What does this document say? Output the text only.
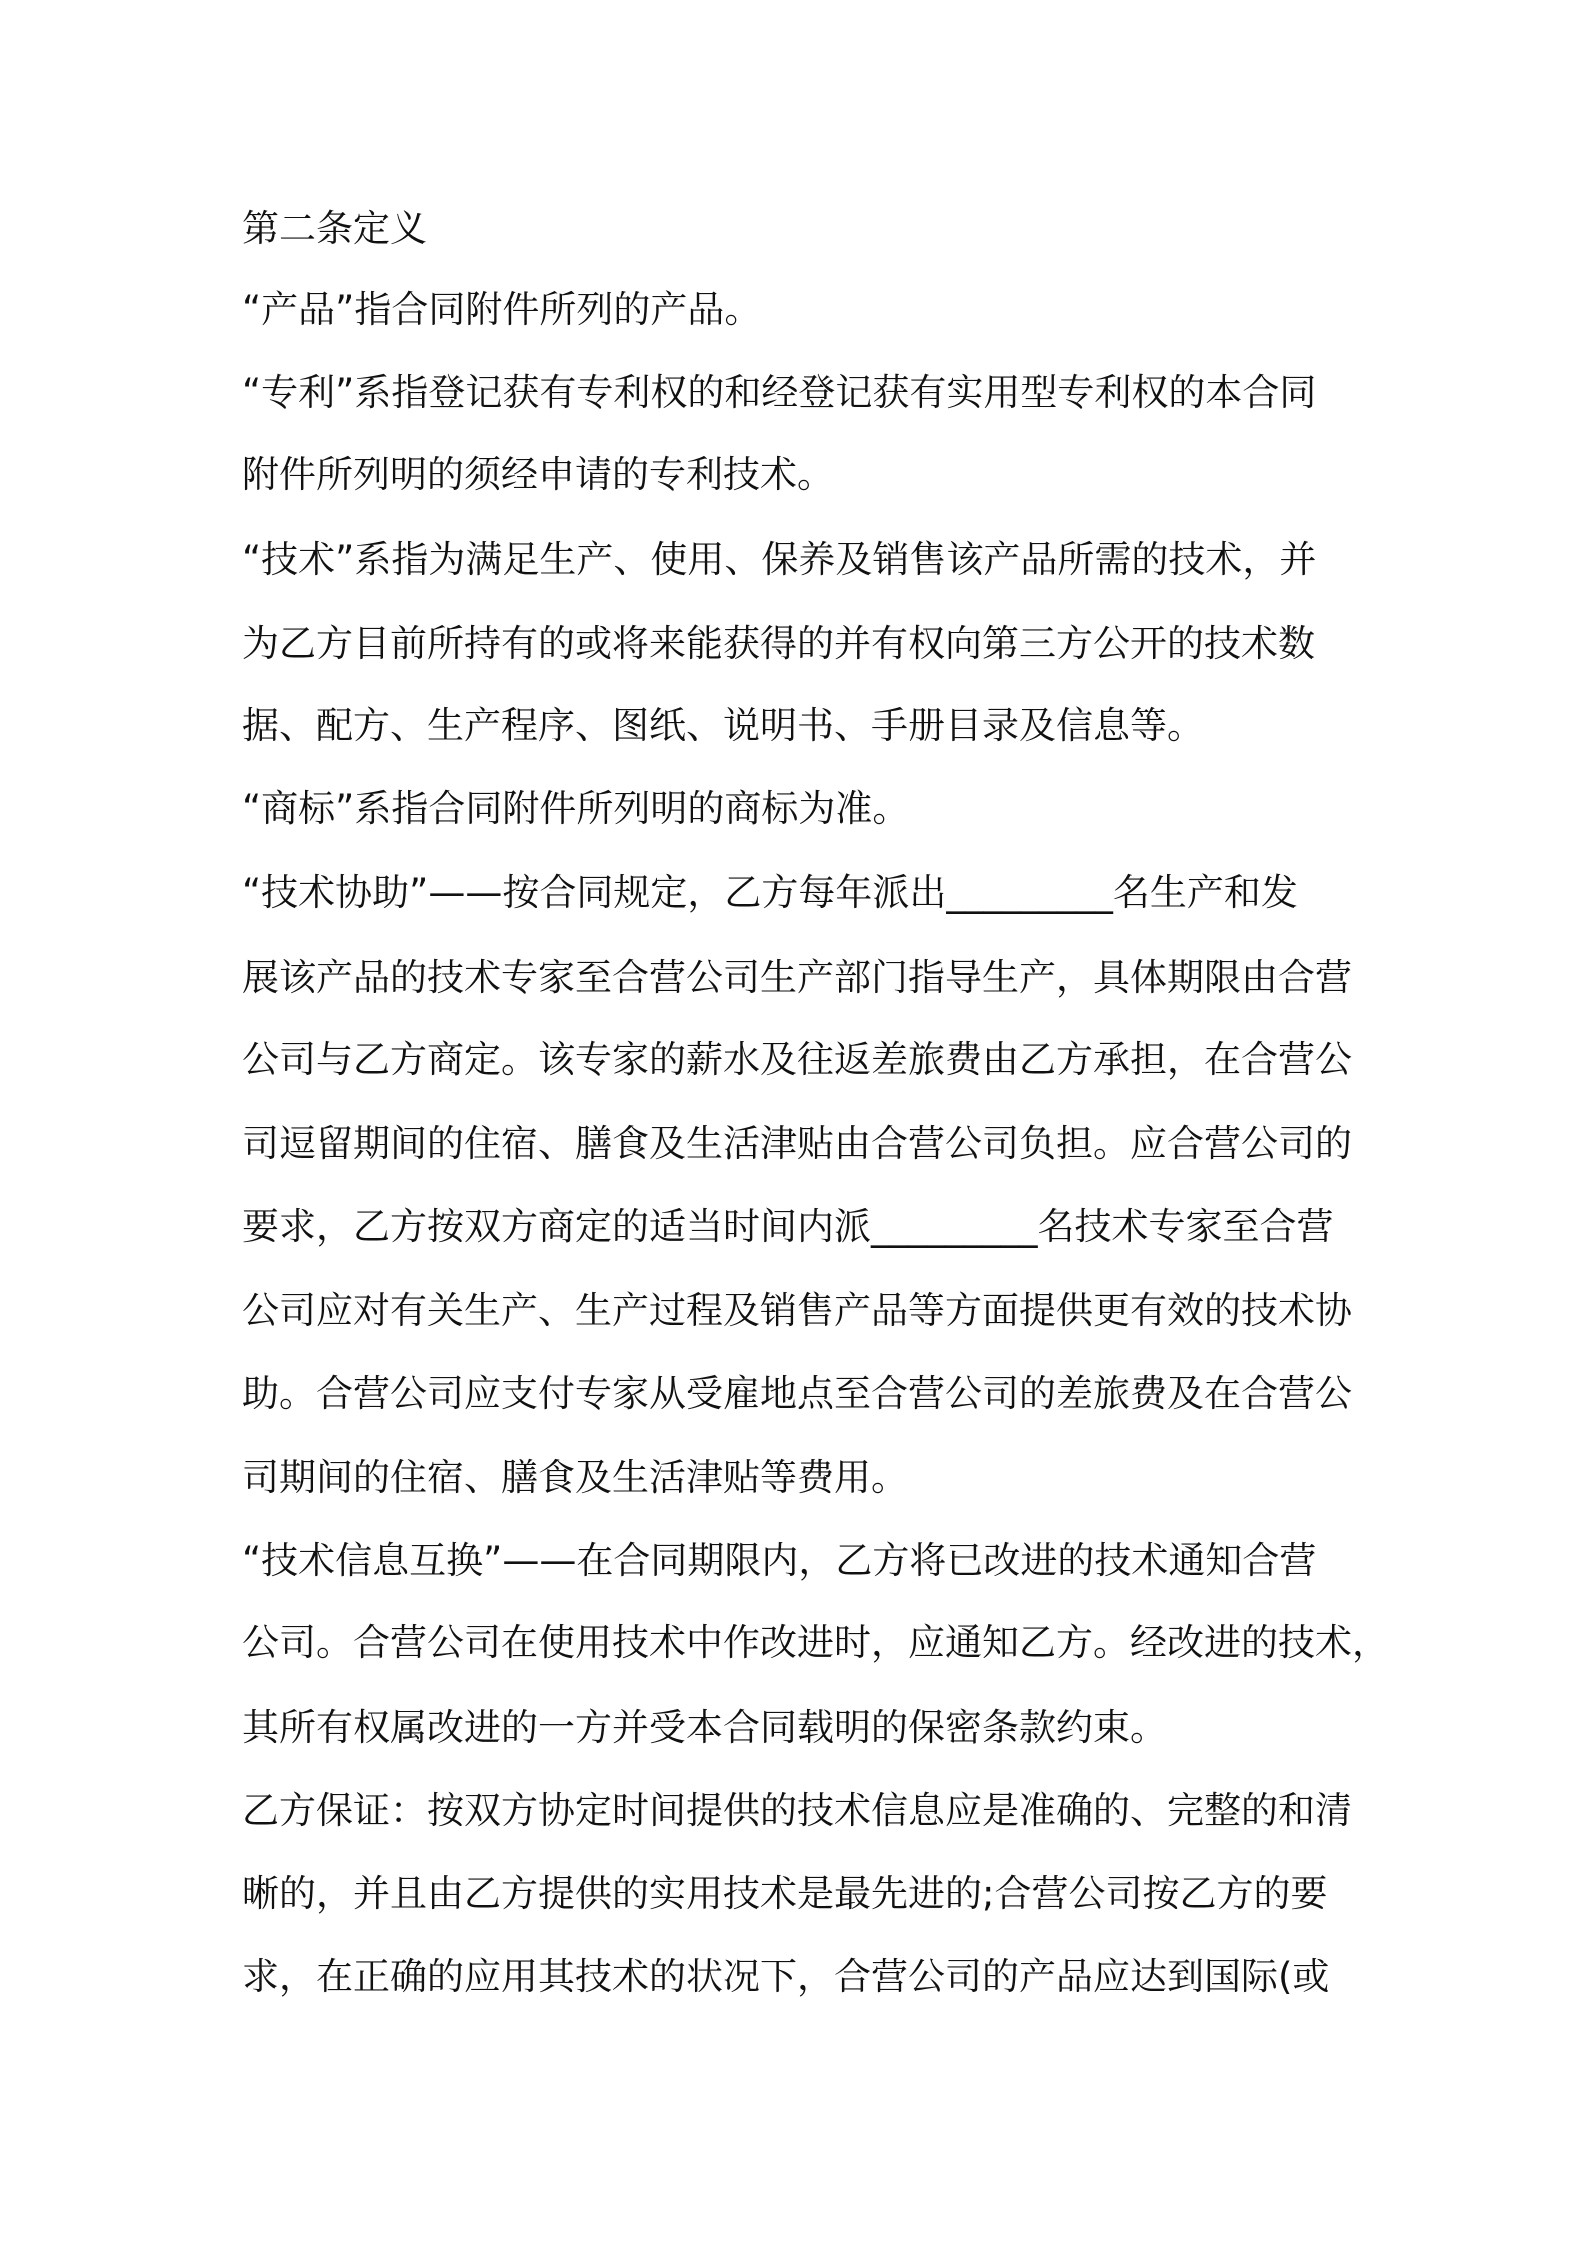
第二条定义
“产品”指合同附件所列的产品。
“专利”系指登记获有专利权的和经登记获有实用型专利权的本合同
附件所列明的须经申请的专利技术。
“技术”系指为满足生产、使用、保养及销售该产品所需的技术，并
为乙方目前所持有的或将来能获得的并有权向第三方公开的技术数
据、配方、生产程序、图纸、说明书、手册目录及信息等。
“商标”系指合同附件所列明的商标为准。
“技术协助”——按合同规定，乙方每年派出_________名生产和发
展该产品的技术专家至合营公司生产部门指导生产，具体期限由合营
公司与乙方商定。该专家的薪水及往返差旅费由乙方承担，在合营公
司逗留期间的住宿、膳食及生活津贴由合营公司负担。应合营公司的
要求，乙方按双方商定的适当时间内派_________名技术专家至合营
公司应对有关生产、生产过程及销售产品等方面提供更有效的技术协
助。合营公司应支付专家从受雇地点至合营公司的差旅费及在合营公
司期间的住宿、膳食及生活津贴等费用。
“技术信息互换”——在合同期限内，乙方将已改进的技术通知合营
公司。合营公司在使用技术中作改进时，应通知乙方。经改进的技术，
其所有权属改进的一方并受本合同载明的保密条款约束。
乙方保证：按双方协定时间提供的技术信息应是准确的、完整的和清
晰的，并且由乙方提供的实用技术是最先进的;合营公司按乙方的要
求，在正确的应用其技术的状况下，合营公司的产品应达到国际(或
